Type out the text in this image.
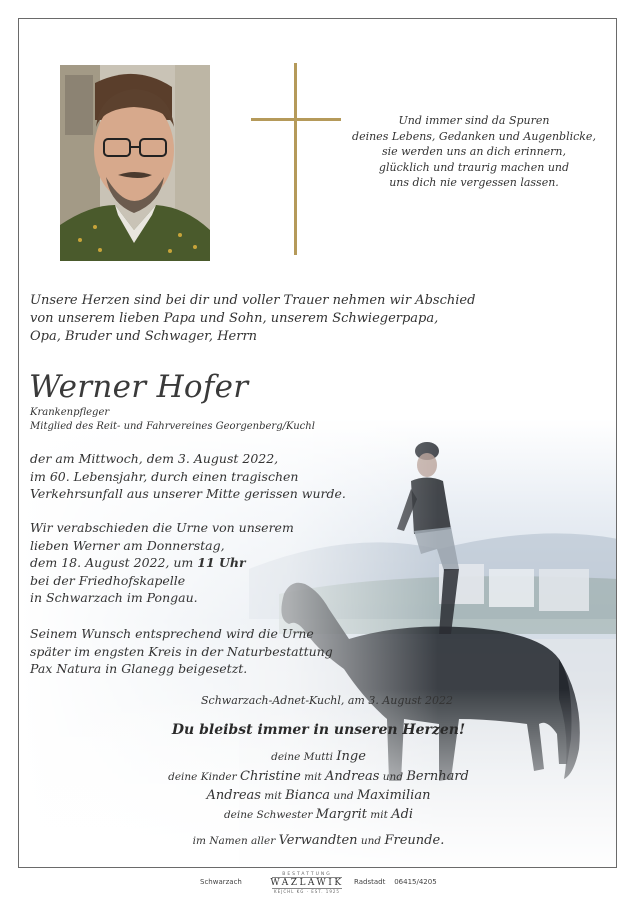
Und immer sind da Spuren
deines Lebens, Gedanken und Augenblicke,
sie werden uns an dich erinnern,
glücklich und traurig machen und
uns dich nie vergessen lassen.
Unsere Herzen sind bei dir und voller Trauer nehmen wir Abschied
von unserem lieben Papa und Sohn, unserem Schwiegerpapa,
Opa, Bruder und Schwager, Herrn
Werner Hofer
Krankenpfleger
Mitglied des Reit- und Fahrvereines Georgenberg/Kuchl
der am Mittwoch, dem 3. August 2022,
im 60. Lebensjahr, durch einen tragischen
Verkehrsunfall aus unserer Mitte gerissen wurde.
Wir verabschieden die Urne von unserem
lieben Werner am Donnerstag,
dem 18. August 2022, um 11 Uhr
bei der Friedhofskapelle
in Schwarzach im Pongau.
Seinem Wunsch entsprechend wird die Urne
später im engsten Kreis in der Naturbestattung
Pax Natura in Glanegg beigesetzt.
Schwarzach-Adnet-Kuchl, am 3. August 2022
Du bleibst immer in unseren Herzen!
deine Mutti Inge
deine Kinder Christine mit Andreas und Bernhard
Andreas mit Bianca und Maximilian
deine Schwester Margrit mit Adi
im Namen aller Verwandten und Freunde.
Schwarzach
BESTATTUNG
WAZLAWIK
KEJCHL KG · EST. 1925
Radstadt 06415/4205
